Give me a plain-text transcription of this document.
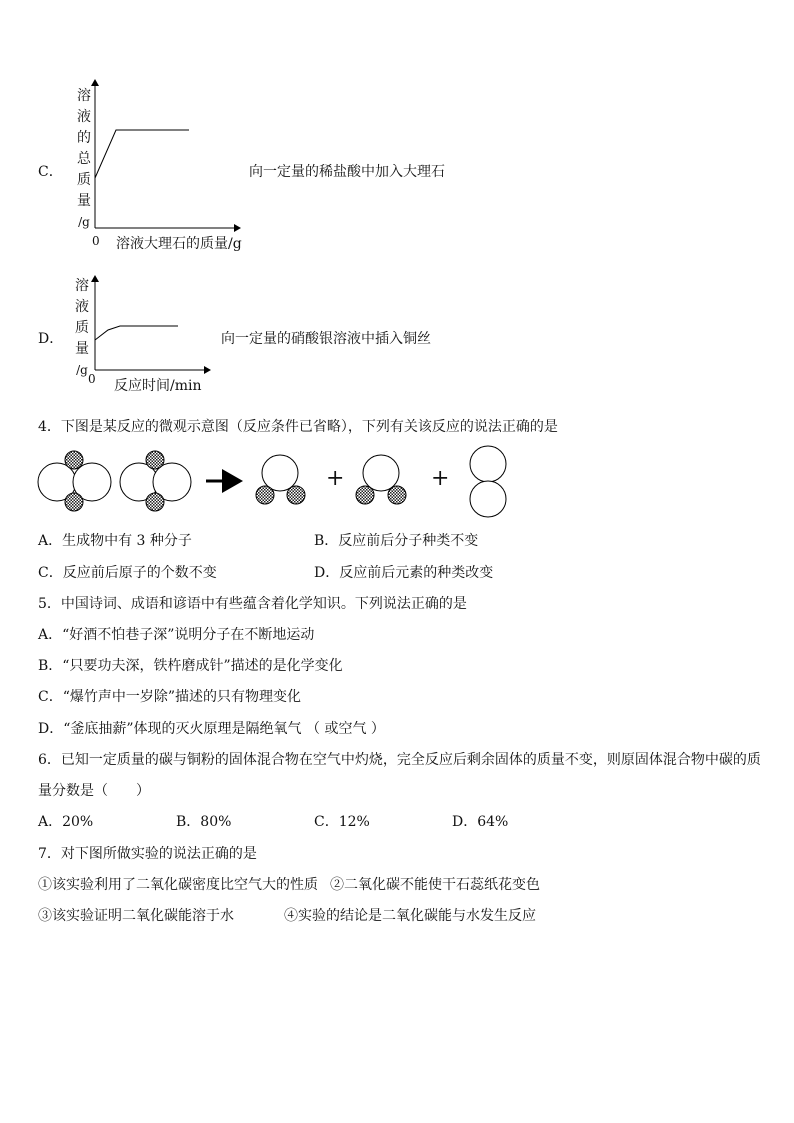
C．
溶
液
的
总
质
量
/g
0 溶液大理石的质量/g
向一定量的稀盐酸中加入大理石
D．
溶
液
质
量
/g
0 反应时间/min
向一定量的硝酸银溶液中插入铜丝
+	+
4．下图是某反应的微观示意图（反应条件已省略），下列有关该反应的说法正确的是
A．生成物中有 3 种分子	B．反应前后分子种类不变
C．反应前后原子的个数不变	D．反应前后元素的种类改变
5．中国诗词、成语和谚语中有些蕴含着化学知识。下列说法正确的是
A．“好酒不怕巷子深”说明分子在不断地运动
B．“只要功夫深，铁杵磨成针”描述的是化学变化
C．“爆竹声中一岁除”描述的只有物理变化
D．“釜底抽薪”体现的灭火原理是隔绝氧气 （ 或空气 ）
6．已知一定质量的碳与铜粉的固体混合物在空气中灼烧，完全反应后剩余固体的质量不变，则原固体混合物中碳的质
量分数是（　　）
A．20%	B．80%	C．12%	D．64%
7．对下图所做实验的说法正确的是
①该实验利用了二氧化碳密度比空气大的性质 ②二氧化碳不能使干石蕊纸花变色
③该实验证明二氧化碳能溶于水	④实验的结论是二氧化碳能与水发生反应
